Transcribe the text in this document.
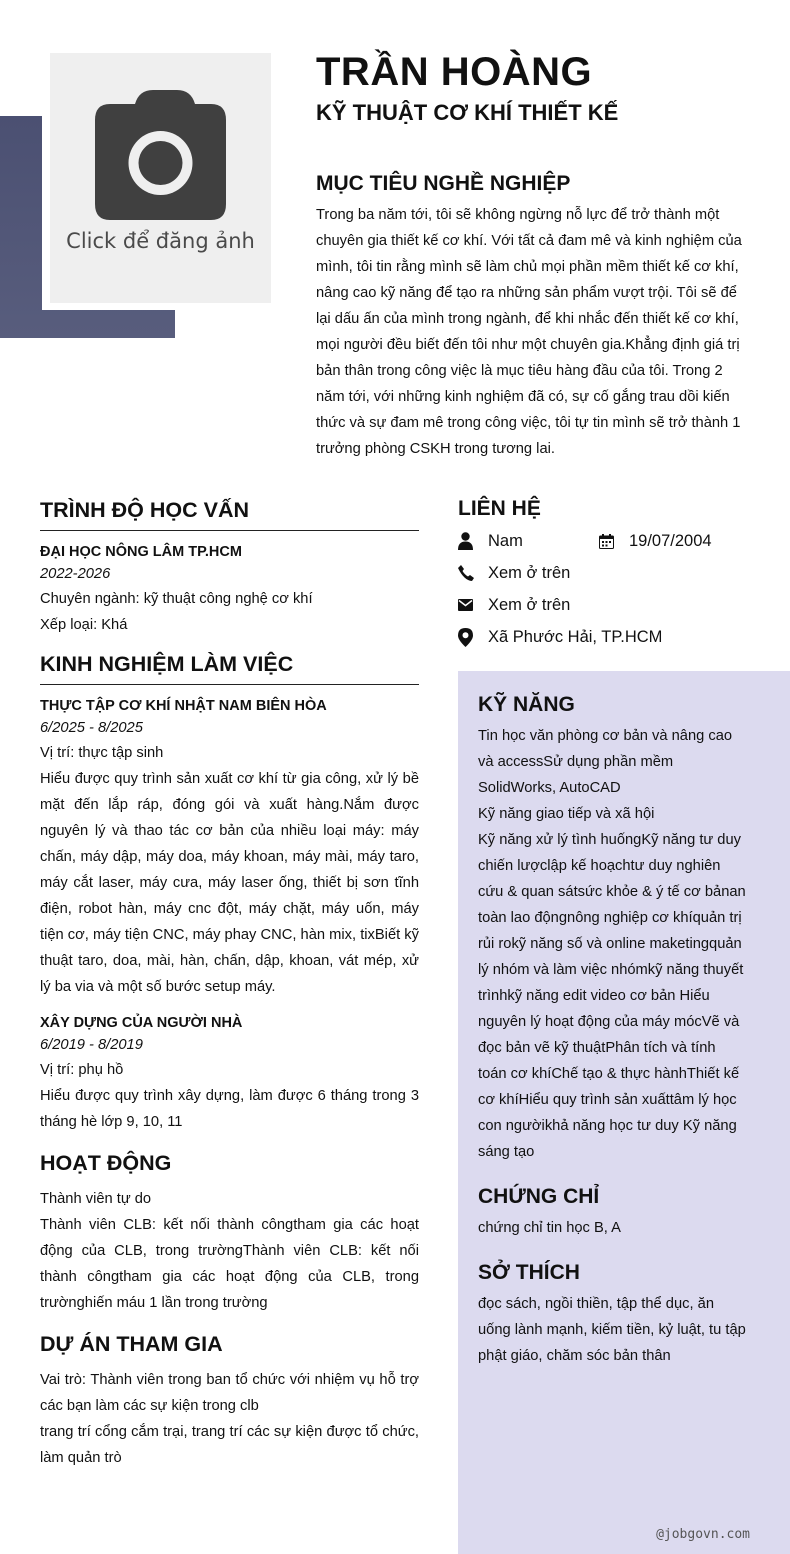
Click để đăng ảnh
TRẦN HOÀNG
KỸ THUẬT CƠ KHÍ THIẾT KẾ
MỤC TIÊU NGHỀ NGHIỆP
Trong ba năm tới, tôi sẽ không ngừng nỗ lực để trở thành một
chuyên gia thiết kế cơ khí. Với tất cả đam mê và kinh nghiệm của
mình, tôi tin rằng mình sẽ làm chủ mọi phần mềm thiết kế cơ khí,
nâng cao kỹ năng để tạo ra những sản phẩm vượt trội. Tôi sẽ để
lại dấu ấn của mình trong ngành, để khi nhắc đến thiết kế cơ khí,
mọi người đều biết đến tôi như một chuyên gia.Khẳng định giá trị
bản thân trong công việc là mục tiêu hàng đầu của tôi. Trong 2
năm tới, với những kinh nghiệm đã có, sự cố gắng trau dồi kiến
thức và sự đam mê trong công việc, tôi tự tin mình sẽ trở thành 1
trưởng phòng CSKH trong tương lai.
TRÌNH ĐỘ HỌC VẤN
ĐẠI HỌC NÔNG LÂM TP.HCM
2022-2026
Chuyên ngành: kỹ thuật công nghệ cơ khí
Xếp loại: Khá
KINH NGHIỆM LÀM VIỆC
THỰC TẬP CƠ KHÍ NHẬT NAM BIÊN HÒA
6/2025 - 8/2025
Vị trí: thực tập sinh
Hiểu được quy trình sản xuất cơ khí từ gia công, xử lý bề mặt đến lắp ráp, đóng gói và xuất hàng.Nắm được nguyên lý và thao tác cơ bản của nhiều loại máy: máy chấn, máy dập, máy doa, máy khoan, máy mài, máy taro, máy cắt laser, máy cưa, máy laser ống, thiết bị sơn tĩnh điện, robot hàn, máy cnc đột, máy chặt, máy uốn, máy tiện cơ, máy tiện CNC, máy phay CNC, hàn mix, tixBiết kỹ thuật taro, doa, mài, hàn, chấn, dập, khoan, vát mép, xử lý ba via và một số bước setup máy.
XÂY DỰNG CỦA NGƯỜI NHÀ
6/2019 - 8/2019
Vị trí: phụ hồ
Hiểu được quy trình xây dựng, làm được 6 tháng trong 3 tháng hè lớp 9, 10, 11
HOẠT ĐỘNG
Thành viên tự do
Thành viên CLB: kết nối thành côngtham gia các hoạt động của CLB, trong trườngThành viên CLB: kết nối thành côngtham gia các hoạt động của CLB, trong trườnghiến máu 1 lần trong trường
DỰ ÁN THAM GIA
Vai trò: Thành viên trong ban tổ chức với nhiệm vụ hỗ trợ các bạn làm các sự kiện trong clb
trang trí cổng cắm trại, trang trí các sự kiện được tổ chức, làm quản trò
LIÊN HỆ
Nam	19/07/2004
Xem ở trên
Xem ở trên
Xã Phước Hải, TP.HCM
KỸ NĂNG
Tin học văn phòng cơ bản và nâng cao
và accessSử dụng phần mềm
SolidWorks, AutoCAD
Kỹ năng giao tiếp và xã hội
Kỹ năng xử lý tình huốngKỹ năng tư duy
chiến lượclập kế hoạchtư duy nghiên
cứu & quan sátsức khỏe & ý tế cơ bảnan
toàn lao độngnông nghiệp cơ khíquản trị
rủi rokỹ năng số và online maketingquản
lý nhóm và làm việc nhómkỹ năng thuyết
trìnhkỹ năng edit video cơ bản Hiểu
nguyên lý hoạt động của máy mócVẽ và
đọc bản vẽ kỹ thuậtPhân tích và tính
toán cơ khíChế tạo & thực hànhThiết kế
cơ khíHiểu quy trình sản xuấttâm lý học
con ngườikhả năng học tư duy Kỹ năng
sáng tạo
CHỨNG CHỈ
chứng chỉ tin học B, A
SỞ THÍCH
đọc sách, ngồi thiền, tập thể dục, ăn
uống lành mạnh, kiếm tiền, kỷ luật, tu tập
phật giáo, chăm sóc bản thân
@jobgovn.com
